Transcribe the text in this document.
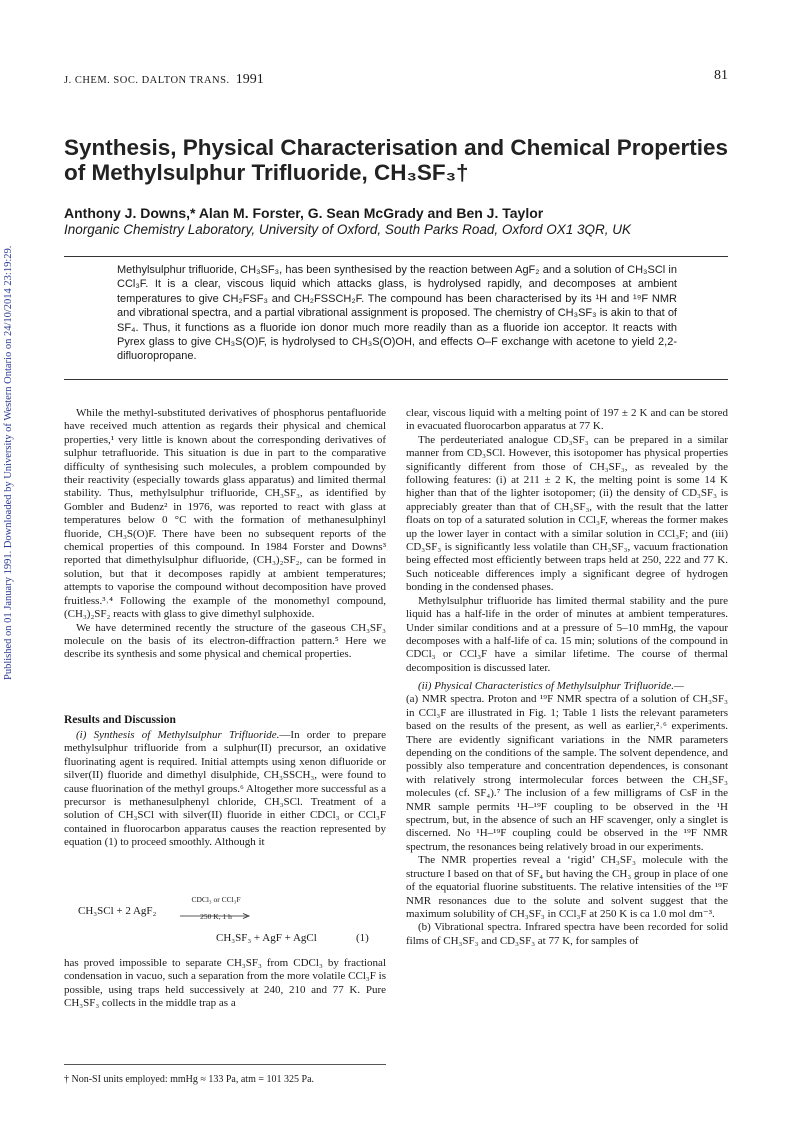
J. CHEM. SOC. DALTON TRANS. 1991	81
Published on 01 January 1991. Downloaded by University of Western Ontario on 24/10/2014 23:19:29.
Synthesis, Physical Characterisation and Chemical Properties of Methylsulphur Trifluoride, CH₃SF₃†
Anthony J. Downs,* Alan M. Forster, G. Sean McGrady and Ben J. Taylor
Inorganic Chemistry Laboratory, University of Oxford, South Parks Road, Oxford OX1 3QR, UK
Methylsulphur trifluoride, CH₃SF₃, has been synthesised by the reaction between AgF₂ and a solution of CH₃SCl in CCl₃F. It is a clear, viscous liquid which attacks glass, is hydrolysed rapidly, and decomposes at ambient temperatures to give CH₂FSF₃ and CH₂FSSCH₂F. The compound has been characterised by its ¹H and ¹⁹F NMR and vibrational spectra, and a partial vibrational assignment is proposed. The chemistry of CH₃SF₃ is akin to that of SF₄. Thus, it functions as a fluoride ion donor much more readily than as a fluoride ion acceptor. It reacts with Pyrex glass to give CH₃S(O)F, is hydrolysed to CH₃S(O)OH, and effects O–F exchange with acetone to yield 2,2-difluoropropane.

While the methyl-substituted derivatives of phosphorus pentafluoride have received much attention as regards their physical and chemical properties,¹ very little is known about the corresponding derivatives of sulphur tetrafluoride. This situation is due in part to the comparative difficulty of synthesising such molecules, a problem compounded by their reactivity (especially towards glass apparatus) and limited thermal stability. Thus, methylsulphur trifluoride, CH₃SF₃, as identified by Gombler and Budenz² in 1976, was reported to react with glass at temperatures below 0 °C with the formation of methanesulphinyl fluoride, CH₃S(O)F. There have been no subsequent reports of the chemical properties of this compound. In 1984 Forster and Downs³ reported that dimethylsulphur difluoride, (CH₃)₂SF₂, can be formed in solution, but that it decomposes rapidly at ambient temperatures; attempts to vaporise the compound without decomposition have proved fruitless.³˒⁴ Following the example of the monomethyl compound, (CH₃)₂SF₂ reacts with glass to give dimethyl sulphoxide.

We have determined recently the structure of the gaseous CH₃SF₃ molecule on the basis of its electron-diffraction pattern.⁵ Here we describe its synthesis and some physical and chemical properties.

Results and Discussion

(i) Synthesis of Methylsulphur Trifluoride.—In order to prepare methylsulphur trifluoride from a sulphur(II) precursor, an oxidative fluorinating agent is required. Initial attempts using xenon difluoride or silver(II) fluoride and dimethyl disulphide, CH₃SSCH₃, were found to cause fluorination of the methyl groups.⁶ Altogether more successful as a precursor is methanesulphenyl chloride, CH₃SCl. Treatment of a solution of CH₃SCl with silver(II) fluoride in either CDCl₃ or CCl₃F contained in fluorocarbon apparatus causes the reaction represented by equation (1) to proceed smoothly. Although it

CH₃SCl + 2 AgF₂
CDCl₃ or CCl₃F
250 K, 1 h
CH₃SF₃ + AgF + AgCl	(1)

has proved impossible to separate CH₃SF₃ from CDCl₃ by fractional condensation in vacuo, such a separation from the more volatile CCl₃F is possible, using traps held successively at 240, 210 and 77 K. Pure CH₃SF₃ collects in the middle trap as a

† Non-SI units employed: mmHg ≈ 133 Pa, atm = 101 325 Pa.

clear, viscous liquid with a melting point of 197 ± 2 K and can be stored in evacuated fluorocarbon apparatus at 77 K.

The perdeuteriated analogue CD₃SF₃ can be prepared in a similar manner from CD₃SCl. However, this isotopomer has physical properties significantly different from those of CH₃SF₃, as revealed by the following features: (i) at 211 ± 2 K, the melting point is some 14 K higher than that of the lighter isotopomer; (ii) the density of CD₃SF₃ is appreciably greater than that of CH₃SF₃, with the result that the latter floats on top of a saturated solution in CCl₃F, whereas the former makes up the lower layer in contact with a similar solution in CCl₃F; and (iii) CD₃SF₃ is significantly less volatile than CH₃SF₃, vacuum fractionation being effected most efficiently between traps held at 250, 222 and 77 K. Such noticeable differences imply a significant degree of hydrogen bonding in the condensed phases.

Methylsulphur trifluoride has limited thermal stability and the pure liquid has a half-life in the order of minutes at ambient temperatures. Under similar conditions and at a pressure of 5–10 mmHg, the vapour decomposes with a half-life of ca. 15 min; solutions of the compound in CDCl₃ or CCl₃F have a similar lifetime. The course of thermal decomposition is discussed later.

(ii) Physical Characteristics of Methylsulphur Trifluoride.—

(a) NMR spectra. Proton and ¹⁹F NMR spectra of a solution of CH₃SF₃ in CCl₃F are illustrated in Fig. 1; Table 1 lists the relevant parameters based on the results of the present, as well as earlier,²˒⁶ experiments. There are evidently significant variations in the NMR parameters depending on the conditions of the sample. The solvent dependence, and possibly also temperature and concentration dependences, is consonant with relatively strong intermolecular forces between the CH₃SF₃ molecules (cf. SF₄).⁷ The inclusion of a few milligrams of CsF in the NMR sample permits ¹H–¹⁹F coupling to be observed in the ¹H spectrum, but, in the absence of such an HF scavenger, only a singlet is discerned. No ¹H–¹⁹F coupling could be observed in the ¹⁹F NMR spectrum, the resonances being relatively broad in our experiments.

The NMR properties reveal a ‘rigid’ CH₃SF₃ molecule with the structure I based on that of SF₄ but having the CH₃ group in place of one of the equatorial fluorine substituents. The relative intensities of the ¹⁹F NMR resonances due to the solute and solvent suggest that the maximum solubility of CH₃SF₃ in CCl₃F at 250 K is ca 1.0 mol dm⁻³.

(b) Vibrational spectra. Infrared spectra have been recorded for solid films of CH₃SF₃ and CD₃SF₃ at 77 K, for samples of
